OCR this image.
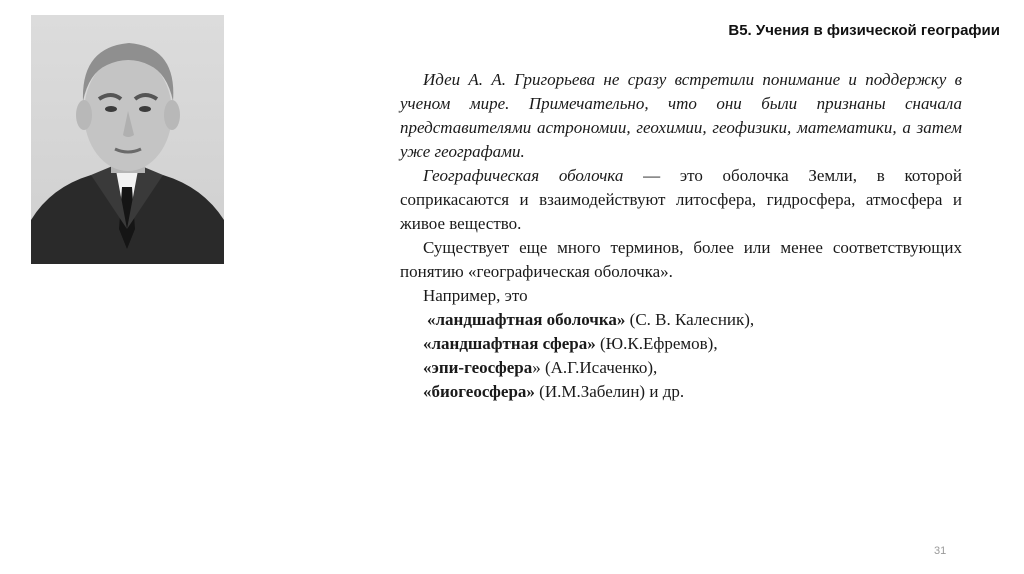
B5. Учения в физической географии

Идеи А. А. Григорьева не сразу встретили понимание и поддержку в ученом мире. Примечательно, что они были признаны сначала представителями астрономии, геохимии, геофизики, математики, а затем уже географами.

Географическая оболочка — это оболочка Земли, в которой соприкасаются и взаимодействуют литосфера, гидросфера, атмосфера и живое вещество.

Существует еще много терминов, более или менее соответствующих понятию «географическая оболочка».

Например, это

«ландшафтная оболочка» (С. В. Калесник),

«ландшафтная сфера» (Ю.К.Ефремов),

«эпи-геосфера» (А.Г.Исаченко),

«биогеосфера» (И.М.Забелин) и др.

31
